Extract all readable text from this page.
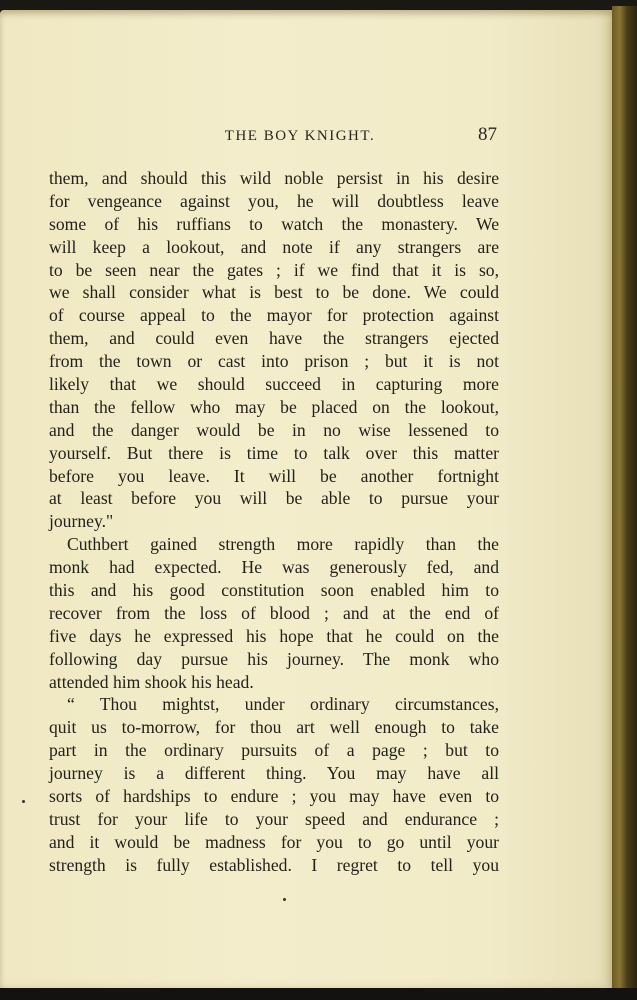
THE BOY KNIGHT.	87
them, and should this wild noble persist in his desire
for vengeance against you, he will doubtless leave
some of his ruffians to watch the monastery. We
will keep a lookout, and note if any strangers are
to be seen near the gates ; if we find that it is so,
we shall consider what is best to be done. We could
of course appeal to the mayor for protection against
them, and could even have the strangers ejected
from the town or cast into prison ; but it is not
likely that we should succeed in capturing more
than the fellow who may be placed on the lookout,
and the danger would be in no wise lessened to
yourself. But there is time to talk over this matter
before you leave. It will be another fortnight
at least before you will be able to pursue your
journey."
Cuthbert gained strength more rapidly than the
monk had expected. He was generously fed, and
this and his good constitution soon enabled him to
recover from the loss of blood ; and at the end of
five days he expressed his hope that he could on the
following day pursue his journey. The monk who
attended him shook his head.
“ Thou mightst, under ordinary circumstances,
quit us to-morrow, for thou art well enough to take
part in the ordinary pursuits of a page ; but to
journey is a different thing. You may have all
sorts of hardships to endure ; you may have even to
trust for your life to your speed and endurance ;
and it would be madness for you to go until your
strength is fully established. I regret to tell you
